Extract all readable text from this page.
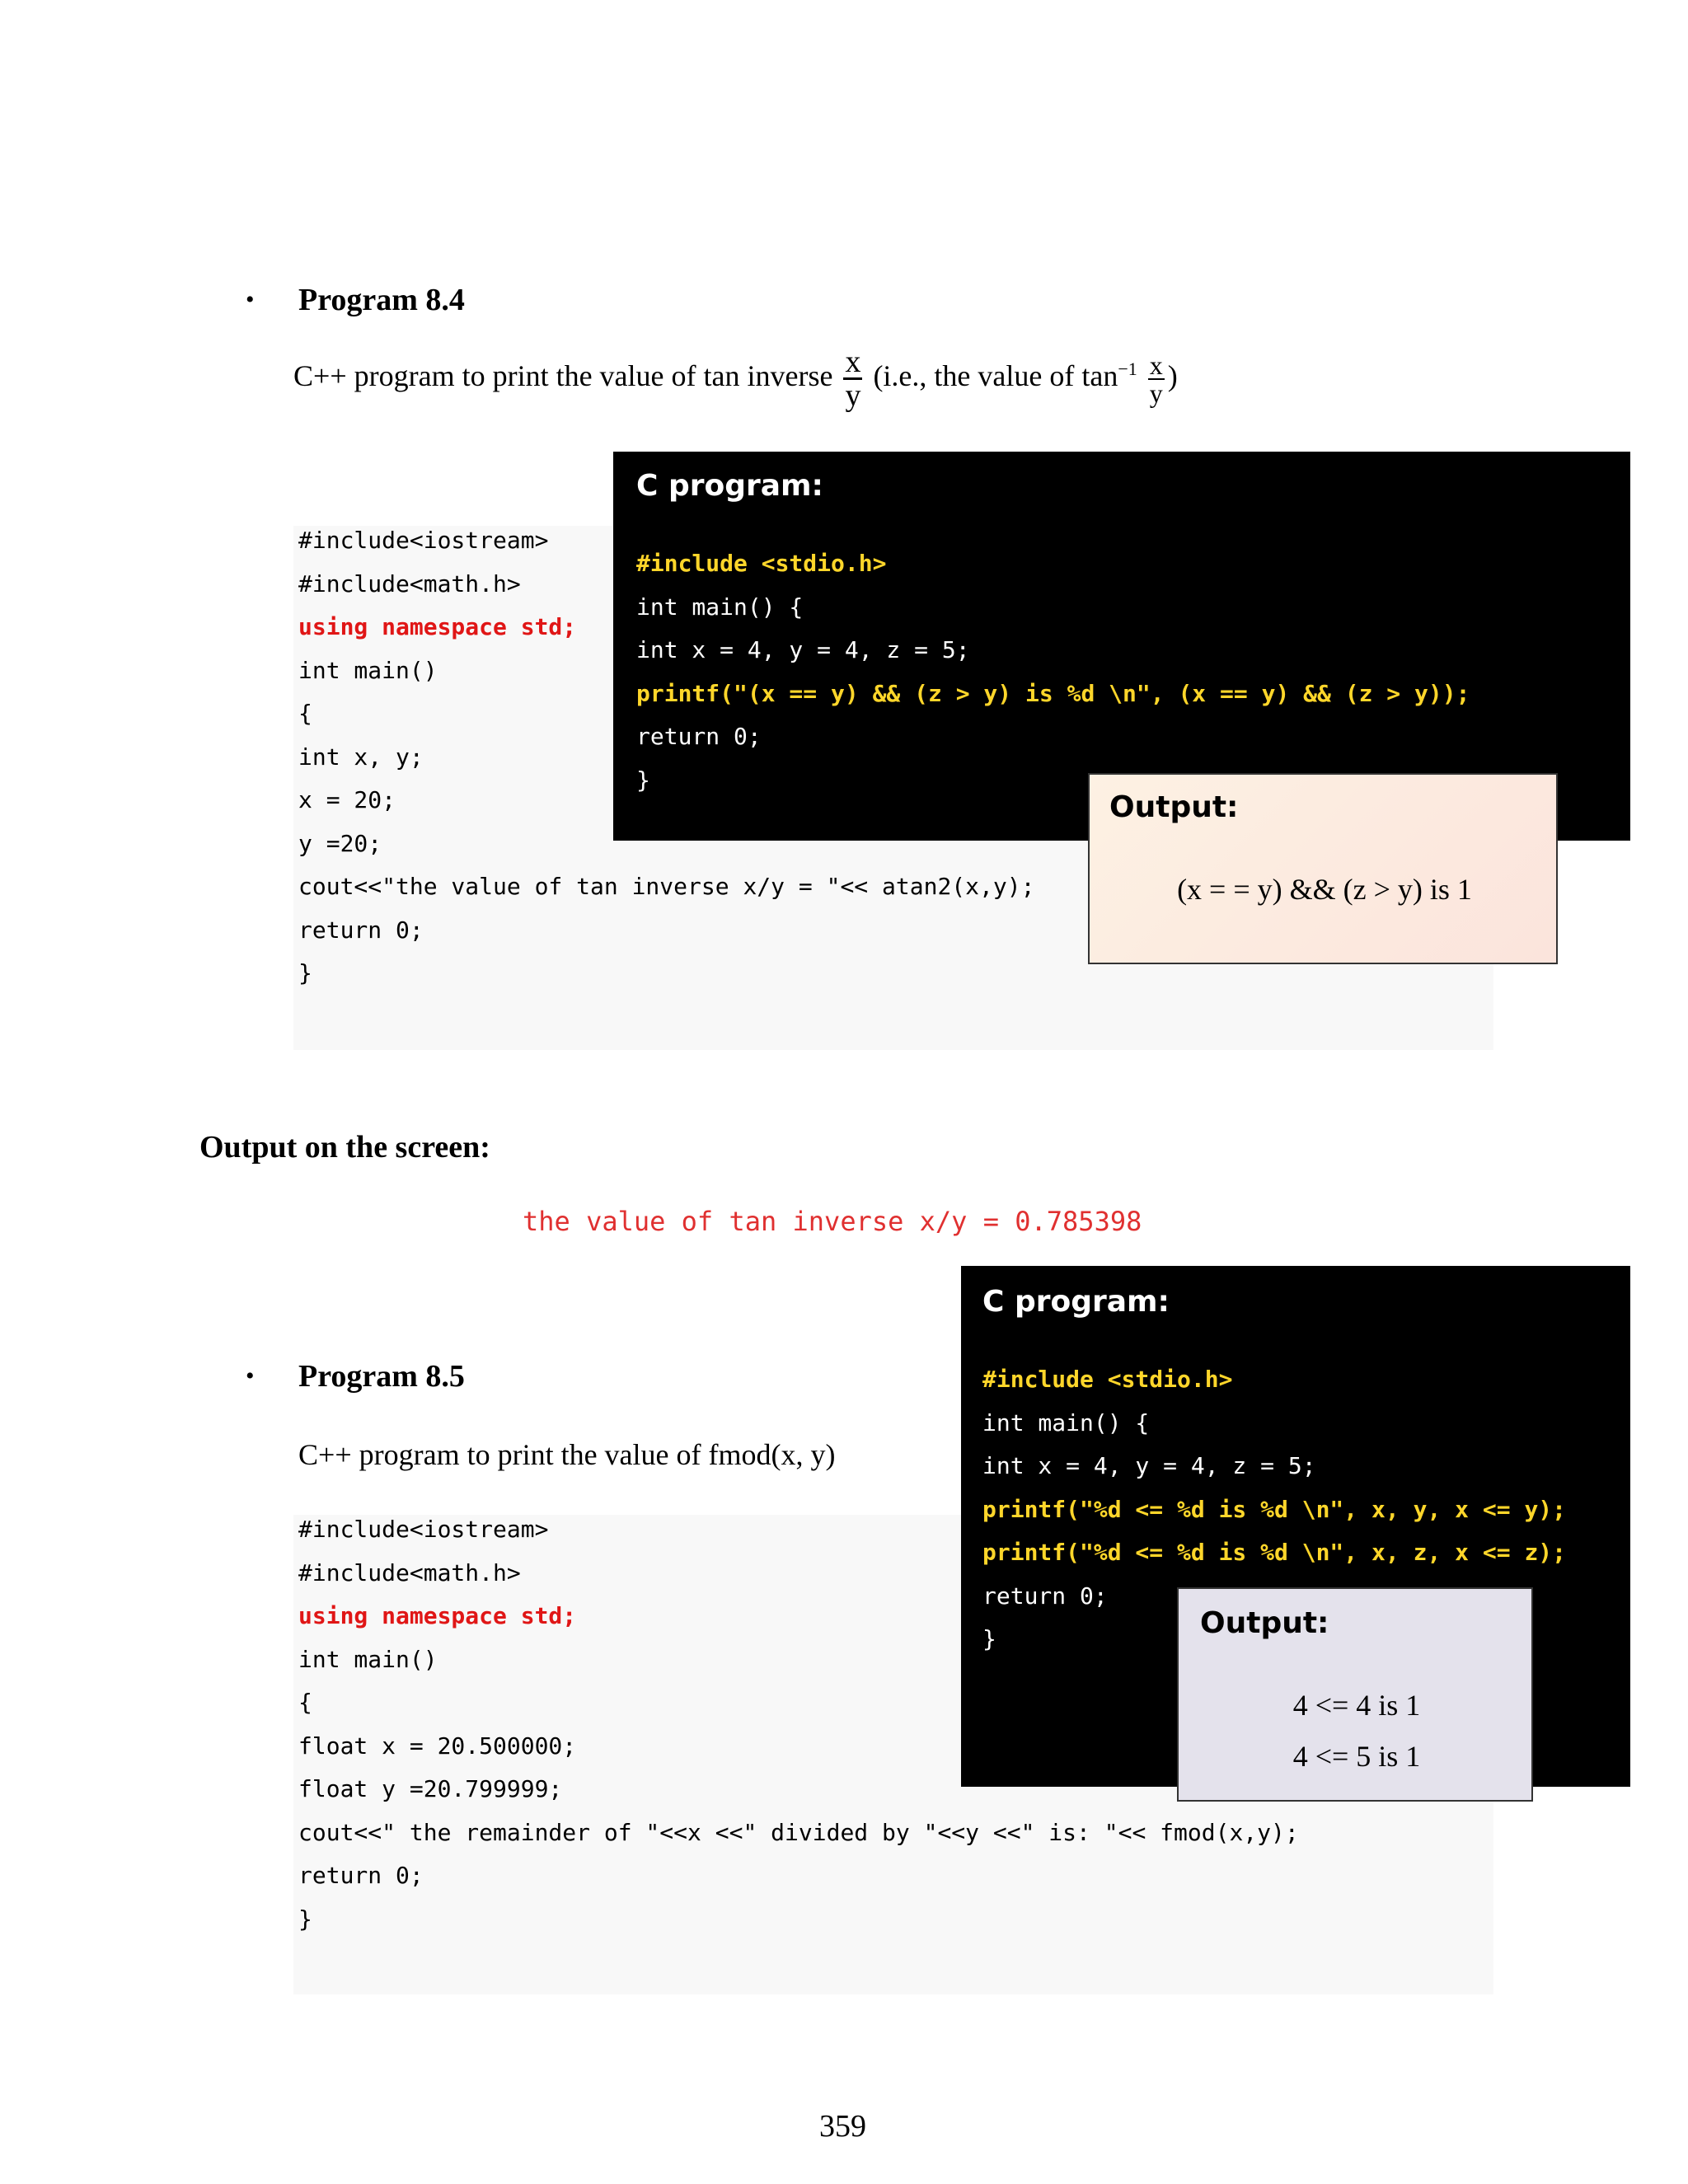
• Program 8.4
C++ program to print the value of tan inverse $\frac{x}{y} (i.e$., the value of $\tan^{-1} \frac{x}{y}$ )
#include<iostream>
#include<math.h>
using namespace std;
int main()
{
int x, y;
x = 20;
y =20;
cout<<"the value of tan inverse x/y = "<< atan2(x,y);
return 0;
}
C program:
#include <stdio.h>
int main() {
int x = 4, y = 4, z = 5;
printf("(x == y) && (z > y) is %d \n", (x == y) && (z > y));
return 0;
}
Output:
(x = = y) && (z > y) is 1
Output on the screen:
the value of tan inverse x/y = 0.785398
• Program 8.5
C++ program to print the value of fmod(x, y)
#include<iostream>
#include<math.h>
using namespace std;
int main()
{
float x = 20.500000;
float y =20.799999;
cout<<" the remainder of "<<x <<" divided by "<<y <<" is: "<< fmod(x,y);
return 0;
}
C program:
#include <stdio.h>
int main() {
int x = 4, y = 4, z = 5;
printf("%d <= %d is %d \n", x, y, x <= y);
printf("%d <= %d is %d \n", x, z, x <= z);
return 0;
}	Output:
4 <= 4 is 1
4 <= 5 is 1
359
